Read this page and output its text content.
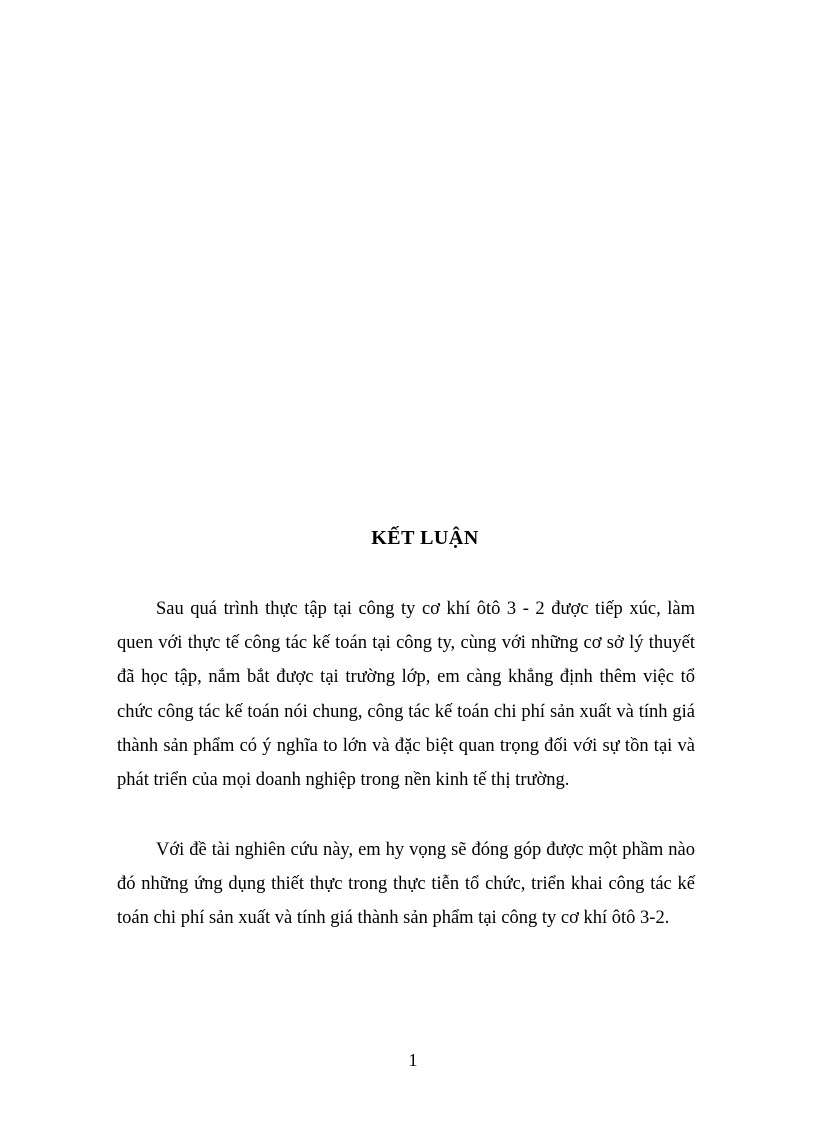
KẾT LUẬN

Sau quá trình thực tập tại công ty cơ khí ôtô 3 - 2 được tiếp xúc, làm quen với thực tế công tác kế toán tại công ty, cùng với những cơ sở lý thuyết đã học tập, nắm bắt được tại trường lớp, em càng khẳng định thêm việc tổ chức công tác kế toán nói chung, công tác kế toán chi phí sản xuất và tính giá thành sản phẩm có ý nghĩa to lớn và đặc biệt quan trọng đối với sự tồn tại và phát triển của mọi doanh nghiệp trong nền kinh tế thị trường.

Với đề tài nghiên cứu này, em hy vọng sẽ đóng góp được một phầm nào đó những ứng dụng thiết thực trong thực tiễn tổ chức, triển khai công tác kế toán chi phí sản xuất và tính giá thành sản phẩm tại công ty cơ khí ôtô 3-2.

1
